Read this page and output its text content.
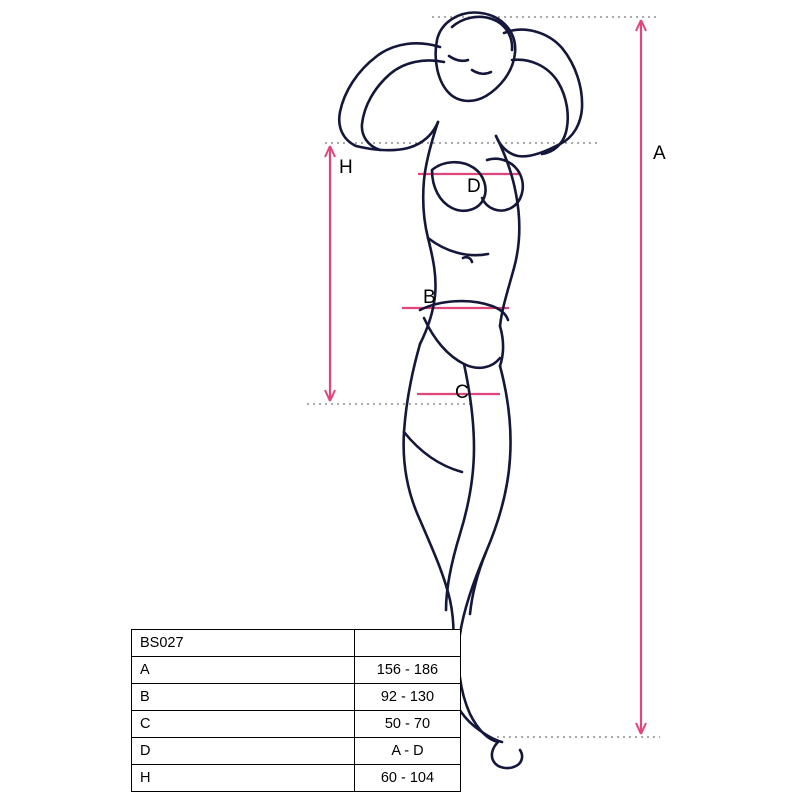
A
H
D
B
C
BS027	
A	156 - 186
B	92 - 130
C	50 - 70
D	A - D
H	60 - 104
